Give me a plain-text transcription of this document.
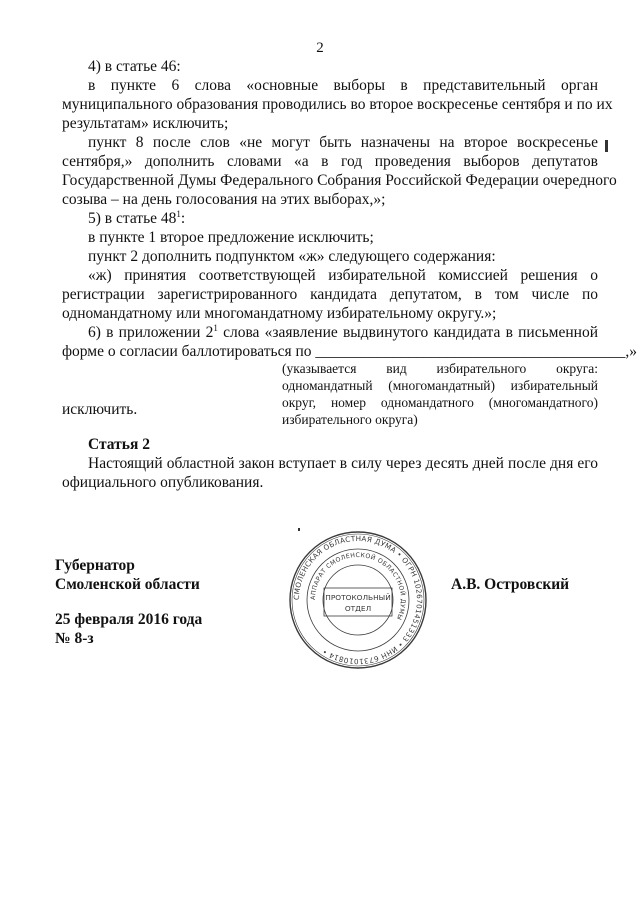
2
4) в статье 46:
в пункте 6 слова «основные выборы в представительный орган
муниципального образования проводились во второе воскресенье сентября и по их
результатам» исключить;
пункт 8 после слов «не могут быть назначены на второе воскресенье
сентября,» дополнить словами «а в год проведения выборов депутатов
Государственной Думы Федерального Собрания Российской Федерации очередного
созыва – на день голосования на этих выборах,»;
5) в статье $48^1$:
в пункте 1 второе предложение исключить;
пункт 2 дополнить подпунктом «ж» следующего содержания:
«ж) принятия соответствующей избирательной комиссией решения о
регистрации зарегистрированного кандидата депутатом, в том числе по
одномандатному или многомандатному избирательному округу.»;
6) в приложении $2^1$ слова «заявление выдвинутого кандидата в письменной
форме о согласии баллотироваться по ________________________________________,»
(указывается вид избирательного округа:
одномандатный (многомандатный) избирательный
округ, номер одномандатного (многомандатного)
избирательного округа)
исключить.
Статья 2
Настоящий областной закон вступает в силу через десять дней после дня его
официального опубликования.
Губернатор
Смоленской области	А.В. Островский
25 февраля 2016 года
№ 8-з
СМОЛЕНСКАЯ ОБЛАСТНАЯ ДУМА • ОГРН 1026701451333 • ИНН 6731010814 •
АППАРАТ СМОЛЕНСКОЙ ОБЛАСТНОЙ ДУМЫ
ПРОТОКОЛЬНЫЙ
ОТДЕЛ
